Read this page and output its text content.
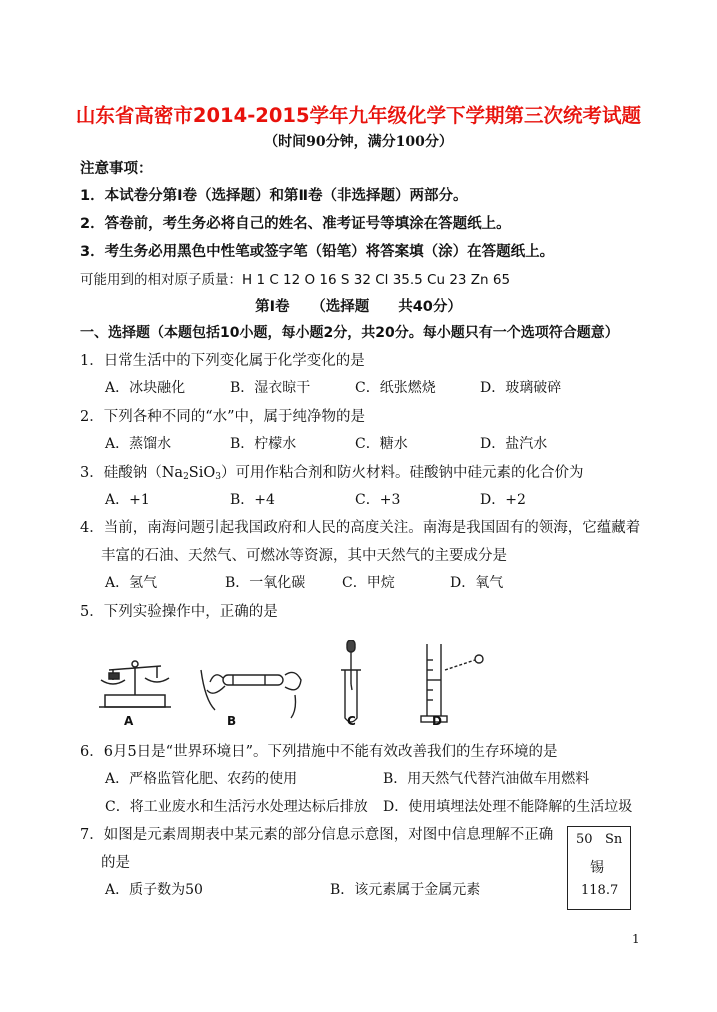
山东省高密市2014-2015学年九年级化学下学期第三次统考试题
（时间90分钟，满分100分）
注意事项：
1．本试卷分第Ⅰ卷（选择题）和第Ⅱ卷（非选择题）两部分。
2．答卷前，考生务必将自己的姓名、准考证号等填涂在答题纸上。
3．考生务必用黑色中性笔或签字笔（铅笔）将答案填（涂）在答题纸上。
可能用到的相对原子质量：H 1 C 12 O 16 S 32 Cl 35.5 Cu 23 Zn 65
第Ⅰ卷　　（选择题　　共40分）
一、选择题（本题包括10小题，每小题2分，共20分。每小题只有一个选项符合题意）
1．日常生活中的下列变化属于化学变化的是
A．冰块融化	B．湿衣晾干	C．纸张燃烧	D．玻璃破碎
2．下列各种不同的“水”中，属于纯净物的是
A．蒸馏水	B．柠檬水	C．糖水	D．盐汽水
3．硅酸钠$(Na_2SiO_3)$可用作粘合剂和防火材料。硅酸钠中硅元素的化合价为
A．+1	B．+4	C．+3	D．+2
4．当前，南海问题引起我国政府和人民的高度关注。南海是我国固有的领海，它蕴藏着
丰富的石油、天然气、可燃冰等资源，其中天然气的主要成分是
A．氢气	B．一氧化碳	C．甲烷	D．氧气
5．下列实验操作中，正确的是
A	B	C	D
6．6月5日是“世界环境日”。下列措施中不能有效改善我们的生存环境的是
A．严格监管化肥、农药的使用	B．用天然气代替汽油做车用燃料
C．将工业废水和生活污水处理达标后排放 D．使用填埋法处理不能降解的生活垃圾
7．如图是元素周期表中某元素的部分信息示意图，对图中信息理解不正确
的是
A．质子数为50	B．该元素属于金属元素
50 Sn
锡
118.7
1
